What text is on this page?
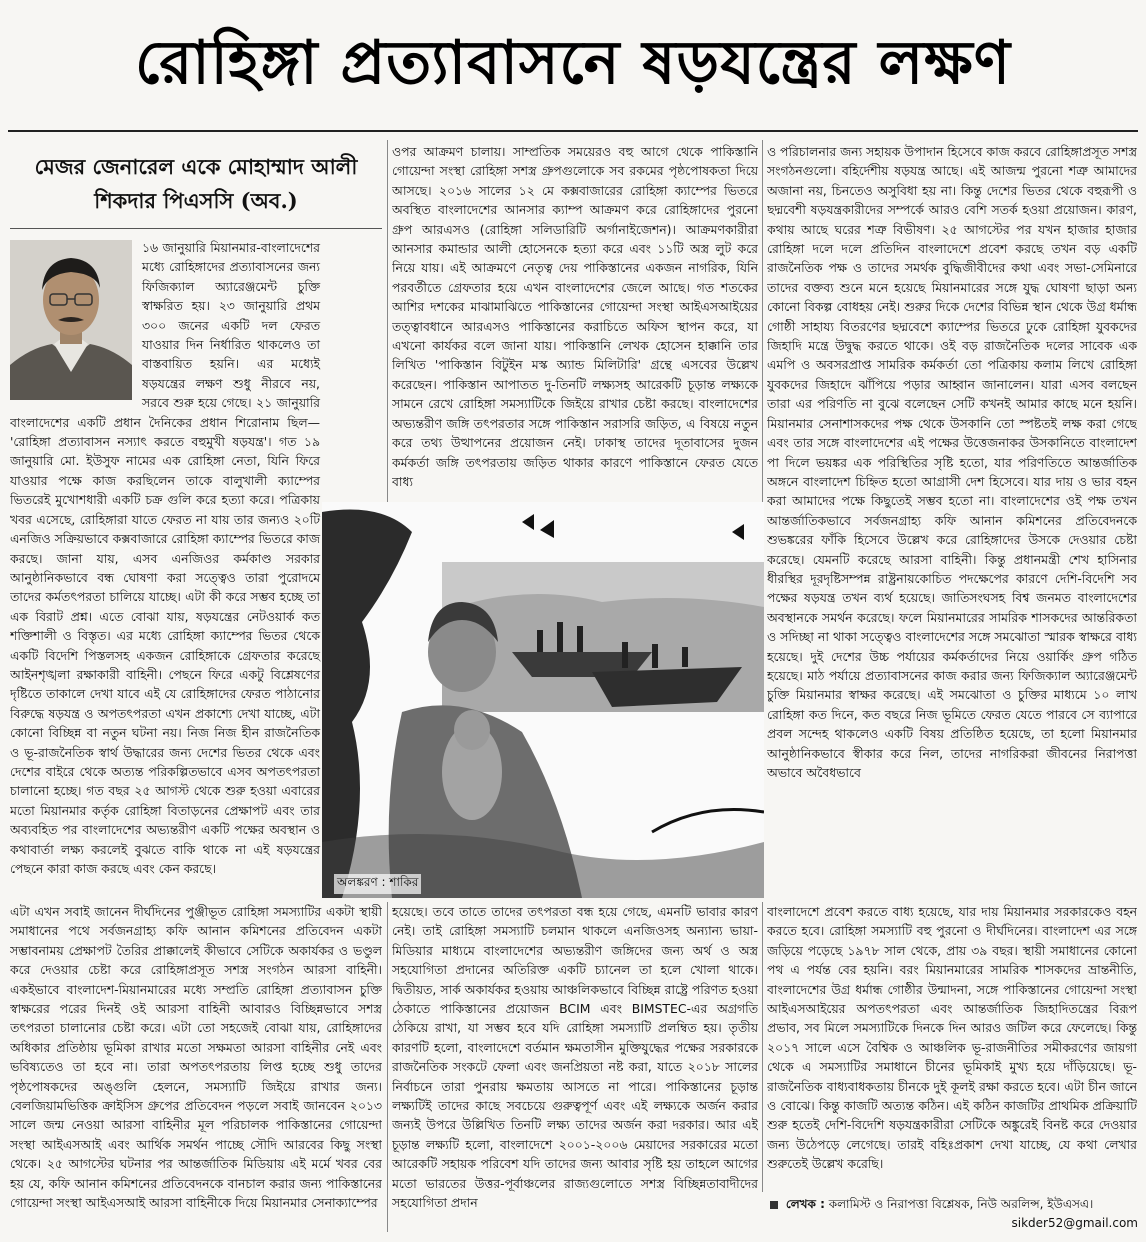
রোহিঙ্গা প্রত্যাবাসনে ষড়যন্ত্রের লক্ষণ
মেজর জেনারেল একে মোহাম্মাদ আলী
শিকদার পিএসসি (অব.)

১৬ জানুয়ারি মিয়ানমার-বাংলাদেশের মধ্যে রোহিঙ্গাদের প্রত্যাবাসনের জন্য ফিজিক্যাল অ্যারেঞ্জমেন্ট চুক্তি স্বাক্ষরিত হয়। ২৩ জানুয়ারি প্রথম ৩০০ জনের একটি দল ফেরত যাওয়ার দিন নির্ধারিত থাকলেও তা বাস্তবায়িত হয়নি। এর মধ্যেই ষড়যন্ত্রের লক্ষণ শুধু নীরবে নয়, সরবে শুরু হয়ে গেছে। ২১ জানুয়ারি বাংলাদেশের একটি প্রধান দৈনিকের প্রধান শিরোনাম ছিল— 'রোহিঙ্গা প্রত্যাবাসন নস্যাৎ করতে বহুমুখী ষড়যন্ত্র'। গত ১৯ জানুয়ারি মো. ইউসুফ নামের এক রোহিঙ্গা নেতা, যিনি ফিরে যাওয়ার পক্ষে কাজ করছিলেন তাকে বালুখালী ক্যাম্পের ভিতরেই মুখোশধারী একটি চক্র গুলি করে হত্যা করে। পত্রিকায় খবর এসেছে, রোহিঙ্গারা যাতে ফেরত না যায় তার জন্যও ২০টি এনজিও সক্রিয়ভাবে কক্সবাজারে রোহিঙ্গা ক্যাম্পের ভিতরে কাজ করছে। জানা যায়, এসব এনজিওর কর্মকাণ্ড সরকার আনুষ্ঠানিকভাবে বন্ধ ঘোষণা করা সত্ত্বেও তারা পুরোদমে তাদের কর্মতৎপরতা চালিয়ে যাচ্ছে। এটা কী করে সম্ভব হচ্ছে তা এক বিরাট প্রশ্ন। এতে বোঝা যায়, ষড়যন্ত্রের নেটওয়ার্ক কত শক্তিশালী ও বিস্তৃত। এর মধ্যে রোহিঙ্গা ক্যাম্পের ভিতর থেকে একটি বিদেশি পিস্তলসহ একজন রোহিঙ্গাকে গ্রেফতার করেছে আইনশৃঙ্খলা রক্ষাকারী বাহিনী। পেছনে ফিরে একটু বিশ্লেষণের দৃষ্টিতে তাকালে দেখা যাবে এই যে রোহিঙ্গাদের ফেরত পাঠানোর বিরুদ্ধে ষড়যন্ত্র ও অপতৎপরতা এখন প্রকাশ্যে দেখা যাচ্ছে, এটা কোনো বিচ্ছিন্ন বা নতুন ঘটনা নয়। নিজ নিজ হীন রাজনৈতিক ও ভূ-রাজনৈতিক স্বার্থ উদ্ধারের জন্য দেশের ভিতর থেকে এবং দেশের বাইরে থেকে অত্যন্ত পরিকল্পিতভাবে এসব অপতৎপরতা চালানো হচ্ছে। গত বছর ২৫ আগস্ট থেকে শুরু হওয়া এবারের মতো মিয়ানমার কর্তৃক রোহিঙ্গা বিতাড়নের প্রেক্ষাপট এবং তার অব্যবহিত পর বাংলাদেশের অভ্যন্তরীণ একটি পক্ষের অবস্থান ও কথাবার্তা লক্ষ্য করলেই বুঝতে বাকি থাকে না এই ষড়যন্ত্রের পেছনে কারা কাজ করছে এবং কেন করছে।

ওপর আক্রমণ চালায়। সাম্প্রতিক সময়েরও বহু আগে থেকে পাকিস্তানি গোয়েন্দা সংস্থা রোহিঙ্গা সশস্ত্র গ্রুপগুলোকে সব রকমের পৃষ্ঠপোষকতা দিয়ে আসছে। ২০১৬ সালের ১২ মে কক্সবাজারের রোহিঙ্গা ক্যাম্পের ভিতরে অবস্থিত বাংলাদেশের আনসার ক্যাম্প আক্রমণ করে রোহিঙ্গাদের পুরনো গ্রুপ আরএসও (রোহিঙ্গা সলিডারিটি অর্গানাইজেশন)। আক্রমণকারীরা আনসার কমান্ডার আলী হোসেনকে হত্যা করে এবং ১১টি অস্ত্র লুট করে নিয়ে যায়। এই আক্রমণে নেতৃত্ব দেয় পাকিস্তানের একজন নাগরিক, যিনি পরবর্তীতে গ্রেফতার হয়ে এখন বাংলাদেশের জেলে আছে। গত শতকের আশির দশকের মাঝামাঝিতে পাকিস্তানের গোয়েন্দা সংস্থা আইএসআইয়ের তত্ত্বাবধানে আরএসও পাকিস্তানের করাচিতে অফিস স্থাপন করে, যা এখনো কার্যকর বলে জানা যায়। পাকিস্তানি লেখক হোসেন হাক্কানি তার লিখিত 'পাকিস্তান বিটুইন মস্ক অ্যান্ড মিলিটারি' গ্রন্থে এসবের উল্লেখ করেছেন। পাকিস্তান আপাতত দু-তিনটি লক্ষ্যসহ আরেকটি চূড়ান্ত লক্ষ্যকে সামনে রেখে রোহিঙ্গা সমস্যাটিকে জিইয়ে রাখার চেষ্টা করছে। বাংলাদেশের অভ্যন্তরীণ জঙ্গি তৎপরতার সঙ্গে পাকিস্তান সরাসরি জড়িত, এ বিষয়ে নতুন করে তথ্য উত্থাপনের প্রয়োজন নেই। ঢাকাস্থ তাদের দূতাবাসের দুজন কর্মকর্তা জঙ্গি তৎপরতায় জড়িত থাকার কারণে পাকিস্তানে ফেরত যেতে বাধ্য

ও পরিচালনার জন্য সহায়ক উপাদান হিসেবে কাজ করবে রোহিঙ্গাপ্রসূত সশস্ত্র সংগঠনগুলো। বহির্দেশীয় ষড়যন্ত্র আছে। এই আজন্ম পুরনো শত্রু আমাদের অজানা নয়, চিনতেও অসুবিধা হয় না। কিন্তু দেশের ভিতর থেকে বহুরূপী ও ছদ্মবেশী ষড়যন্ত্রকারীদের সম্পর্কে আরও বেশি সতর্ক হওয়া প্রয়োজন। কারণ, কথায় আছে ঘরের শত্রু বিভীষণ। ২৫ আগস্টের পর যখন হাজার হাজার রোহিঙ্গা দলে দলে প্রতিদিন বাংলাদেশে প্রবেশ করছে তখন বড় একটি রাজনৈতিক পক্ষ ও তাদের সমর্থক বুদ্ধিজীবীদের কথা এবং সভা-সেমিনারে তাদের বক্তব্য শুনে মনে হয়েছে মিয়ানমারের সঙ্গে যুদ্ধ ঘোষণা ছাড়া অন্য কোনো বিকল্প বোধহয় নেই। শুরুর দিকে দেশের বিভিন্ন স্থান থেকে উগ্র ধর্মান্ধ গোষ্ঠী সাহায্য বিতরণের ছদ্মবেশে ক্যাম্পের ভিতরে ঢুকে রোহিঙ্গা যুবকদের জিহাদি মন্ত্রে উদ্বুদ্ধ করতে থাকে। ওই বড় রাজনৈতিক দলের সাবেক এক এমপি ও অবসরপ্রাপ্ত সামরিক কর্মকর্তা তো পত্রিকায় কলাম লিখে রোহিঙ্গা যুবকদের জিহাদে ঝাঁপিয়ে পড়ার আহ্বান জানালেন। যারা এসব বলছেন তারা এর পরিণতি না বুঝে বলেছেন সেটি কখনই আমার কাছে মনে হয়নি। মিয়ানমার সেনাশাসকদের পক্ষ থেকে উসকানি তো স্পষ্টতই লক্ষ করা গেছে এবং তার সঙ্গে বাংলাদেশের এই পক্ষের উত্তেজনাকর উসকানিতে বাংলাদেশ পা দিলে ভয়ঙ্কর এক পরিস্থিতির সৃষ্টি হতো, যার পরিণতিতে আন্তর্জাতিক অঙ্গনে বাংলাদেশ চিহ্নিত হতো আগ্রাসী দেশ হিসেবে। যার দায় ও ভার বহন করা আমাদের পক্ষে কিছুতেই সম্ভব হতো না। বাংলাদেশের ওই পক্ষ তখন আন্তর্জাতিকভাবে সর্বজনগ্রাহ্য কফি আনান কমিশনের প্রতিবেদনকে শুভঙ্করের ফাঁকি হিসেবে উল্লেখ করে রোহিঙ্গাদের উসকে দেওয়ার চেষ্টা করেছে। যেমনটি করেছে আরসা বাহিনী। কিন্তু প্রধানমন্ত্রী শেখ হাসিনার ধীরস্থির দূরদৃষ্টিসম্পন্ন রাষ্ট্রনায়কোচিত পদক্ষেপের কারণে দেশি-বিদেশি সব পক্ষের ষড়যন্ত্র তখন ব্যর্থ হয়েছে। জাতিসংঘসহ বিশ্ব জনমত বাংলাদেশের অবস্থানকে সমর্থন করেছে। ফলে মিয়ানমারের সামরিক শাসকদের আন্তরিকতা ও সদিচ্ছা না থাকা সত্ত্বেও বাংলাদেশের সঙ্গে সমঝোতা স্মারক স্বাক্ষরে বাধ্য হয়েছে। দুই দেশের উচ্চ পর্যায়ের কর্মকর্তাদের নিয়ে ওয়ার্কিং গ্রুপ গঠিত হয়েছে। মাঠ পর্যায়ে প্রত্যাবাসনের কাজ করার জন্য ফিজিক্যাল অ্যারেঞ্জমেন্ট চুক্তি মিয়ানমার স্বাক্ষর করেছে। এই সমঝোতা ও চুক্তির মাধ্যমে ১০ লাখ রোহিঙ্গা কত দিনে, কত বছরে নিজ ভূমিতে ফেরত যেতে পারবে সে ব্যাপারে প্রবল সন্দেহ থাকলেও একটি বিষয় প্রতিষ্ঠিত হয়েছে, তা হলো মিয়ানমার আনুষ্ঠানিকভাবে স্বীকার করে নিল, তাদের নাগরিকরা জীবনের নিরাপত্তা অভাবে অবৈধভাবে

অলঙ্করণ : শাকির

এটা এখন সবাই জানেন দীর্ঘদিনের পুঞ্জীভূত রোহিঙ্গা সমস্যাটির একটা স্থায়ী সমাধানের পথে সর্বজনগ্রাহ্য কফি আনান কমিশনের প্রতিবেদন একটা সম্ভাবনাময় প্রেক্ষাপট তৈরির প্রাক্কালেই কীভাবে সেটিকে অকার্যকর ও ভণ্ডুল করে দেওয়ার চেষ্টা করে রোহিঙ্গাপ্রসূত সশস্ত্র সংগঠন আরসা বাহিনী। একইভাবে বাংলাদেশ-মিয়ানমারের মধ্যে সম্প্রতি রোহিঙ্গা প্রত্যাবাসন চুক্তি স্বাক্ষরের পরের দিনই ওই আরসা বাহিনী আবারও বিচ্ছিন্নভাবে সশস্ত্র তৎপরতা চালানোর চেষ্টা করে। এটা তো সহজেই বোঝা যায়, রোহিঙ্গাদের অধিকার প্রতিষ্ঠায় ভূমিকা রাখার মতো সক্ষমতা আরসা বাহিনীর নেই এবং ভবিষ্যতেও তা হবে না। তারা অপতৎপরতায় লিপ্ত হচ্ছে শুধু তাদের পৃষ্ঠপোষকদের অঙ্গুলি হেলনে, সমস্যাটি জিইয়ে রাখার জন্য। বেলজিয়ামভিত্তিক ক্রাইসিস গ্রুপের প্রতিবেদন পড়লে সবাই জানবেন ২০১৩ সালে জন্ম নেওয়া আরসা বাহিনীর মূল পরিচালক পাকিস্তানের গোয়েন্দা সংস্থা আইএসআই এবং আর্থিক সমর্থন পাচ্ছে সৌদি আরবের কিছু সংস্থা থেকে। ২৫ আগস্টের ঘটনার পর আন্তর্জাতিক মিডিয়ায় এই মর্মে খবর বের হয় যে, কফি আনান কমিশনের প্রতিবেদনকে বানচাল করার জন্য পাকিস্তানের গোয়েন্দা সংস্থা আইএসআই আরসা বাহিনীকে দিয়ে মিয়ানমার সেনাক্যাম্পের

হয়েছে। তবে তাতে তাদের তৎপরতা বন্ধ হয়ে গেছে, এমনটি ভাবার কারণ নেই। তাই রোহিঙ্গা সমস্যাটি চলমান থাকলে এনজিওসহ অন্যান্য ভায়া-মিডিয়ার মাধ্যমে বাংলাদেশের অভ্যন্তরীণ জঙ্গিদের জন্য অর্থ ও অস্ত্র সহযোগিতা প্রদানের অতিরিক্ত একটি চ্যানেল তা হলে খোলা থাকে। দ্বিতীয়ত, সার্ক অকার্যকর হওয়ায় আঞ্চলিকভাবে বিচ্ছিন্ন রাষ্ট্রে পরিণত হওয়া ঠেকাতে পাকিস্তানের প্রয়োজন BCIM এবং BIMSTEC-এর অগ্রগতি ঠেকিয়ে রাখা, যা সম্ভব হবে যদি রোহিঙ্গা সমস্যাটি প্রলম্বিত হয়। তৃতীয় কারণটি হলো, বাংলাদেশে বর্তমান ক্ষমতাসীন মুক্তিযুদ্ধের পক্ষের সরকারকে রাজনৈতিক সংকটে ফেলা এবং জনপ্রিয়তা নষ্ট করা, যাতে ২০১৮ সালের নির্বাচনে তারা পুনরায় ক্ষমতায় আসতে না পারে। পাকিস্তানের চূড়ান্ত লক্ষ্যটিই তাদের কাছে সবচেয়ে গুরুত্বপূর্ণ এবং এই লক্ষ্যকে অর্জন করার জন্যই উপরে উল্লিখিত তিনটি লক্ষ্য তাদের অর্জন করা দরকার। আর এই চূড়ান্ত লক্ষ্যটি হলো, বাংলাদেশে ২০০১-২০০৬ মেয়াদের সরকারের মতো আরেকটি সহায়ক পরিবেশ যদি তাদের জন্য আবার সৃষ্টি হয় তাহলে আগের মতো ভারতের উত্তর-পূর্বাঞ্চলের রাজ্যগুলোতে সশস্ত্র বিচ্ছিন্নতাবাদীদের সহযোগিতা প্রদান

বাংলাদেশে প্রবেশ করতে বাধ্য হয়েছে, যার দায় মিয়ানমার সরকারকেও বহন করতে হবে। রোহিঙ্গা সমস্যাটি বহু পুরনো ও দীর্ঘদিনের। বাংলাদেশ এর সঙ্গে জড়িয়ে পড়েছে ১৯৭৮ সাল থেকে, প্রায় ৩৯ বছর। স্থায়ী সমাধানের কোনো পথ এ পর্যন্ত বের হয়নি। বরং মিয়ানমারের সামরিক শাসকদের ভ্রান্তনীতি, বাংলাদেশের উগ্র ধর্মান্ধ গোষ্ঠীর উন্মাদনা, সঙ্গে পাকিস্তানের গোয়েন্দা সংস্থা আইএসআইয়ের অপতৎপরতা এবং আন্তর্জাতিক জিহাদিতন্ত্রের বিরূপ প্রভাব, সব মিলে সমস্যাটিকে দিনকে দিন আরও জটিল করে ফেলেছে। কিন্তু ২০১৭ সালে এসে বৈশ্বিক ও আঞ্চলিক ভূ-রাজনীতির সমীকরণের জায়গা থেকে এ সমস্যাটির সমাধানে চীনের ভূমিকাই মুখ্য হয়ে দাঁড়িয়েছে। ভূ-রাজনৈতিক বাধ্যবাধকতায় চীনকে দুই কূলই রক্ষা করতে হবে। এটা চীন জানে ও বোঝে। কিন্তু কাজটি অত্যন্ত কঠিন। এই কঠিন কাজটির প্রাথমিক প্রক্রিয়াটি শুরু হতেই দেশি-বিদেশি ষড়যন্ত্রকারীরা সেটিকে অঙ্কুরেই বিনষ্ট করে দেওয়ার জন্য উঠেপড়ে লেগেছে। তারই বহিঃপ্রকাশ দেখা যাচ্ছে, যে কথা লেখার শুরুতেই উল্লেখ করেছি।

লেখক : কলামিস্ট ও নিরাপত্তা বিশ্লেষক, নিউ অরলিন্স, ইউএসএ।
sikder52@gmail.com
